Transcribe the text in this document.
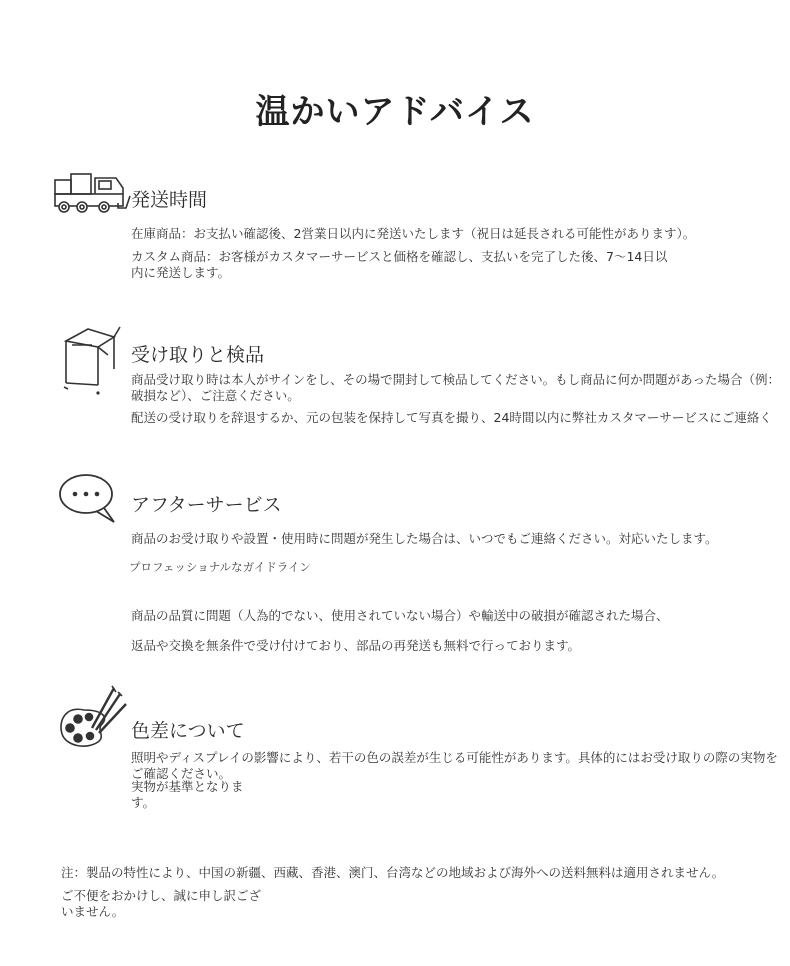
温かいアドバイス
発送時間
在庫商品：お支払い確認後、2営業日以内に発送いたします（祝日は延長される可能性があります）。
カスタム商品：お客様がカスタマーサービスと価格を確認し、支払いを完了した後、7〜14日以内に発送します。
受け取りと検品
商品受け取り時は本人がサインをし、その場で開封して検品してください。もし商品に何か問題があった場合（例：破損など）、ご注意ください。
配送の受け取りを辞退するか、元の包装を保持して写真を撮り、24時間以内に弊社カスタマーサービスにご連絡く
アフターサービス
商品のお受け取りや設置・使用時に問題が発生した場合は、いつでもご連絡ください。対応いたします。
プロフェッショナルなガイドライン
商品の品質に問題（人為的でない、使用されていない場合）や輸送中の破損が確認された場合、
返品や交換を無条件で受け付けており、部品の再発送も無料で行っております。
色差について
照明やディスプレイの影響により、若干の色の誤差が生じる可能性があります。具体的にはお受け取りの際の実物をご確認ください。
実物が基準となります。
注：製品の特性により、中国の新疆、西藏、香港、澳门、台湾などの地域および海外への送料無料は適用されません。
ご不便をおかけし、誠に申し訳ございません。
